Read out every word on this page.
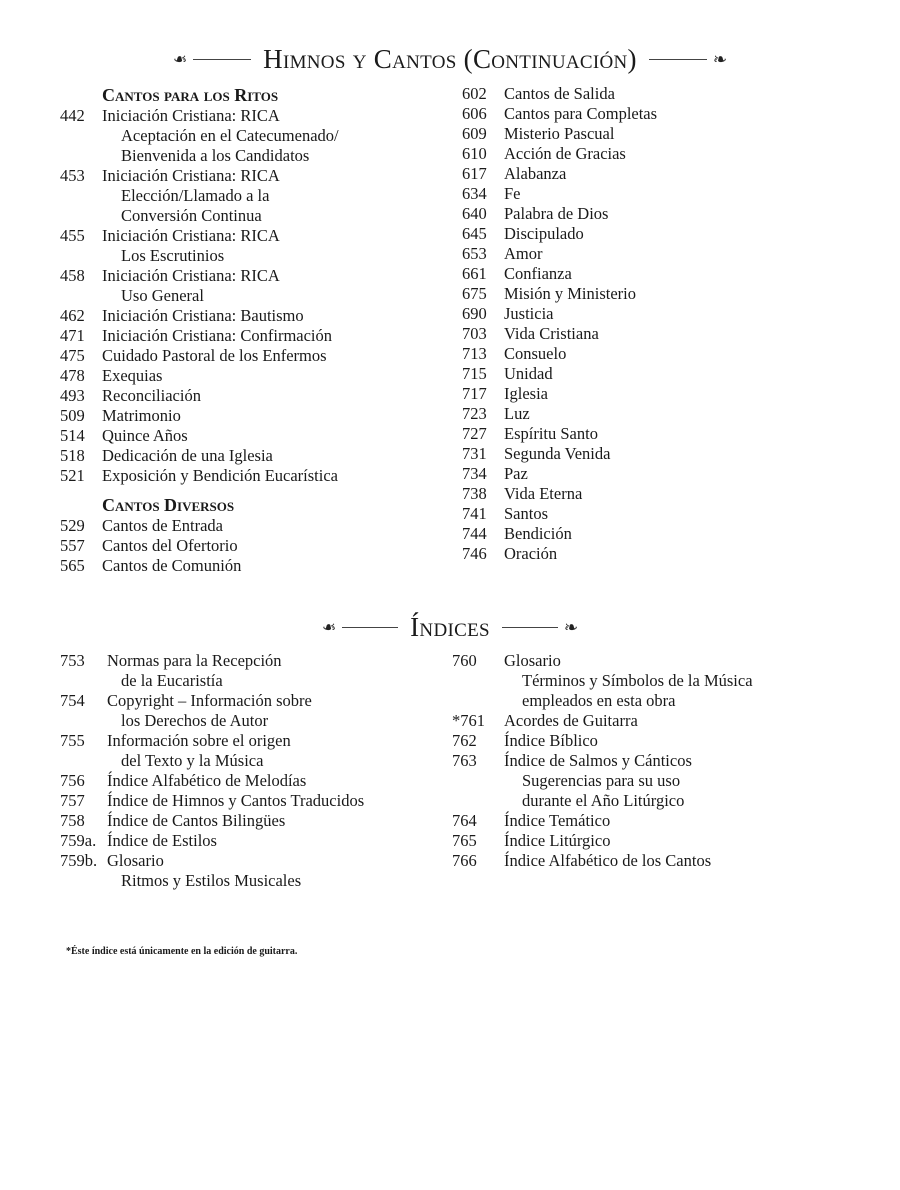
❧	Himnos y Cantos (Continuación)	❧
Cantos para los Ritos
442	Iniciación Cristiana: RICA
Aceptación en el Catecumenado/
Bienvenida a los Candidatos
453	Iniciación Cristiana: RICA
Elección/Llamado a la
Conversión Continua
455	Iniciación Cristiana: RICA
Los Escrutinios
458	Iniciación Cristiana: RICA
Uso General
462	Iniciación Cristiana: Bautismo
471	Iniciación Cristiana: Confirmación
475	Cuidado Pastoral de los Enfermos
478	Exequias
493	Reconciliación
509	Matrimonio
514	Quince Años
518	Dedicación de una Iglesia
521	Exposición y Bendición Eucarística
Cantos Diversos
529	Cantos de Entrada
557	Cantos del Ofertorio
565	Cantos de Comunión
602	Cantos de Salida
606	Cantos para Completas
609	Misterio Pascual
610	Acción de Gracias
617	Alabanza
634	Fe
640	Palabra de Dios
645	Discipulado
653	Amor
661	Confianza
675	Misión y Ministerio
690	Justicia
703	Vida Cristiana
713	Consuelo
715	Unidad
717	Iglesia
723	Luz
727	Espíritu Santo
731	Segunda Venida
734	Paz
738	Vida Eterna
741	Santos
744	Bendición
746	Oración
❧	Índices	❧
753	Normas para la Recepción
de la Eucaristía
754	Copyright – Información sobre
los Derechos de Autor
755	Información sobre el origen
del Texto y la Música
756	Índice Alfabético de Melodías
757	Índice de Himnos y Cantos Traducidos
758	Índice de Cantos Bilingües
759a. Índice de Estilos
759b. Glosario
Ritmos y Estilos Musicales
760	Glosario
Términos y Símbolos de la Música
empleados en esta obra
*761	Acordes de Guitarra
762	Índice Bíblico
763	Índice de Salmos y Cánticos
Sugerencias para su uso
durante el Año Litúrgico
764	Índice Temático
765	Índice Litúrgico
766	Índice Alfabético de los Cantos
*Éste índice está únicamente en la edición de guitarra.
